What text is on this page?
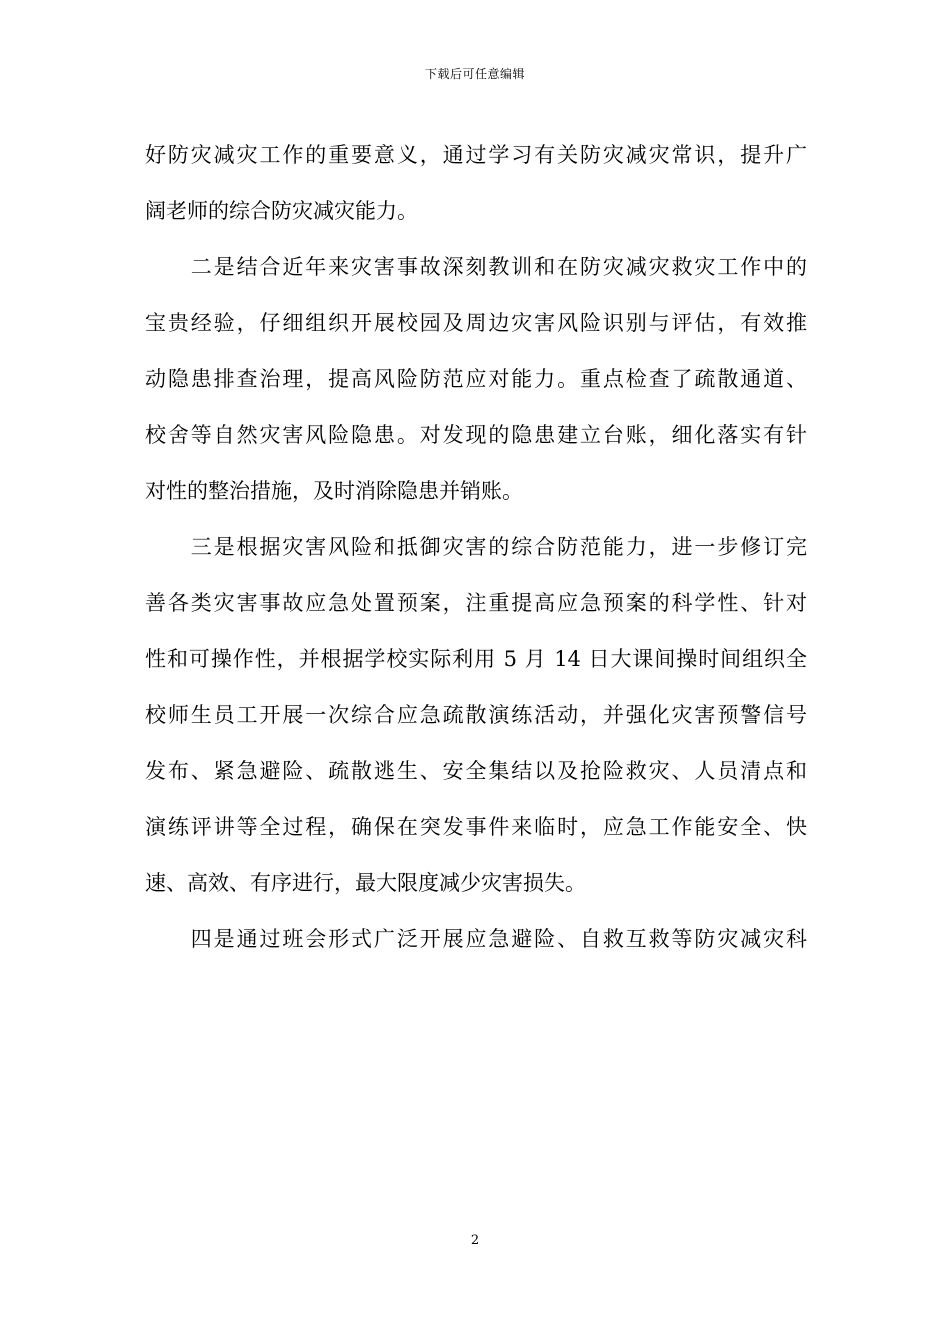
下载后可任意编辑
好防灾减灾工作的重要意义，通过学习有关防灾减灾常识，提升广
阔老师的综合防灾减灾能力。
　　二是结合近年来灾害事故深刻教训和在防灾减灾救灾工作中的
宝贵经验，仔细组织开展校园及周边灾害风险识别与评估，有效推
动隐患排查治理，提高风险防范应对能力。重点检查了疏散通道、
校舍等自然灾害风险隐患。对发现的隐患建立台账，细化落实有针
对性的整治措施，及时消除隐患并销账。
　　三是根据灾害风险和抵御灾害的综合防范能力，进一步修订完
善各类灾害事故应急处置预案，注重提高应急预案的科学性、针对
性和可操作性，并根据学校实际利用 5 月 14 日大课间操时间组织全
校师生员工开展一次综合应急疏散演练活动，并强化灾害预警信号
发布、紧急避险、疏散逃生、安全集结以及抢险救灾、人员清点和
演练评讲等全过程，确保在突发事件来临时，应急工作能安全、快
速、高效、有序进行，最大限度减少灾害损失。
　　四是通过班会形式广泛开展应急避险、自救互救等防灾减灾科
2
